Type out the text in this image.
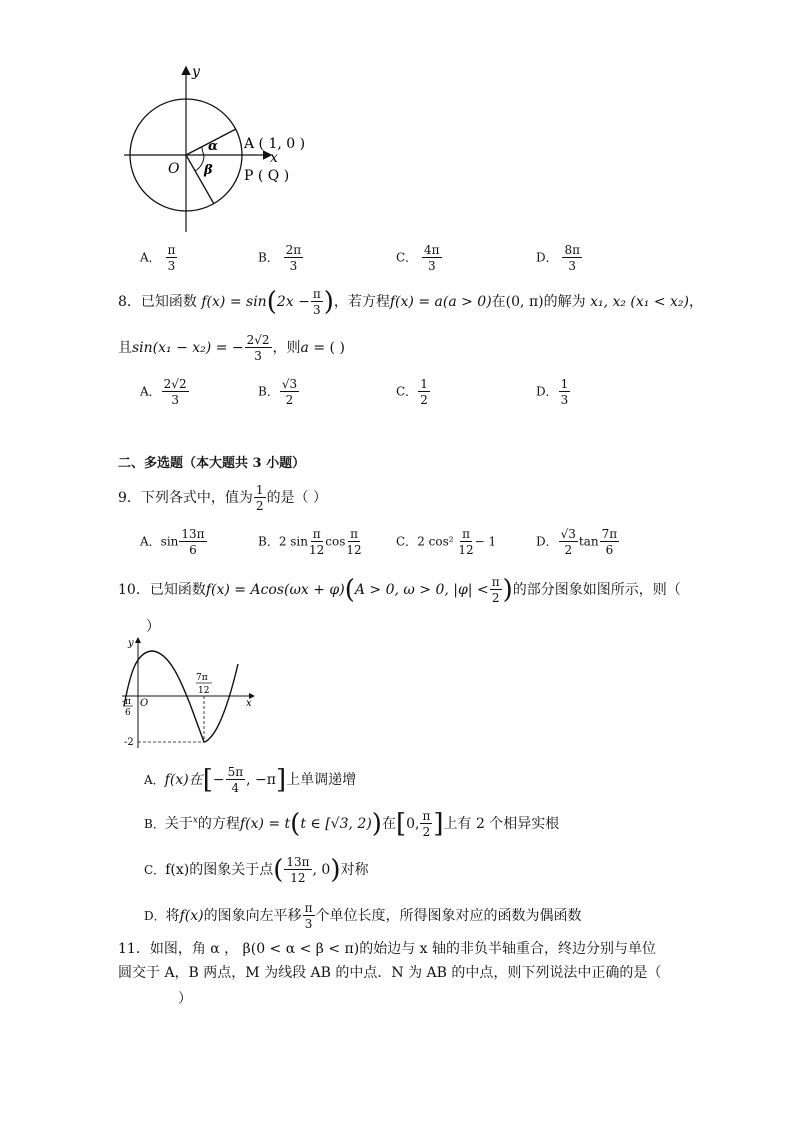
y
x
O
α
β
A ( 1, 0 )
P ( Q )
A． $\frac{\pi}{3}$	B． $\frac{2\pi}{3}$	C． $\frac{4\pi}{3}$	D． $\frac{8\pi}{3}$
8．已知函数 $f(x) = \sin(2x - \frac{\pi}{3}$ )，若方程f(x) = a(a > 0)在(0, π)的解为 x₁, x₂ (x₁ < x₂)，
且sin(x₁ − x₂) = − $\frac{2√2}{3}$ ，则a = ( )
A． $\frac{2√2}{3}$	B． $\frac{√3}{2}$	C． $\frac{1}{2}$	D． $\frac{1}{3}$
二、多选题（本大题共 3 小题）
9．下列各式中，值为 $\frac{1}{2}$ 的是（ ）
A．$\sin \frac{13\pi}{6}$	B．2 $\sin \frac{\pi}{12}$ $\cos \frac{\pi}{12}$	C．2 $\cos^2 \frac{\pi}{12} - 1$	D． $\frac{√3}{2}$ $\tan \frac{7\pi}{6}$
10．已知函数f(x) = Acos(ωx + φ)(A > 0, ω > 0, $|\varphi| < \frac{\pi}{2}$ )的部分图象如图所示，则（
）
y
x
O
-π
6
7π
12
-2
A．f(x)在[− $\frac{5\pi}{4}$ , −π]上单调递增
B．关于$^x$的方程f(x) = t(t ∈ [√3, 2))在[0, $\frac{\pi}{2}$ ]上有 2 个相异实根
C．f(x)的图象关于点( $\frac{13\pi}{12}$ , 0)对称
D．将f(x)的图象向左平移 $\frac{\pi}{3}$ 个单位长度，所得图象对应的函数为偶函数
11．如图，角 α ， β(0 < α < β < π)的始边与 x 轴的非负半轴重合，终边分别与单位
圆交于 A，B 两点，M 为线段 AB 的中点．N 为 AB 的中点，则下列说法中正确的是（
）
